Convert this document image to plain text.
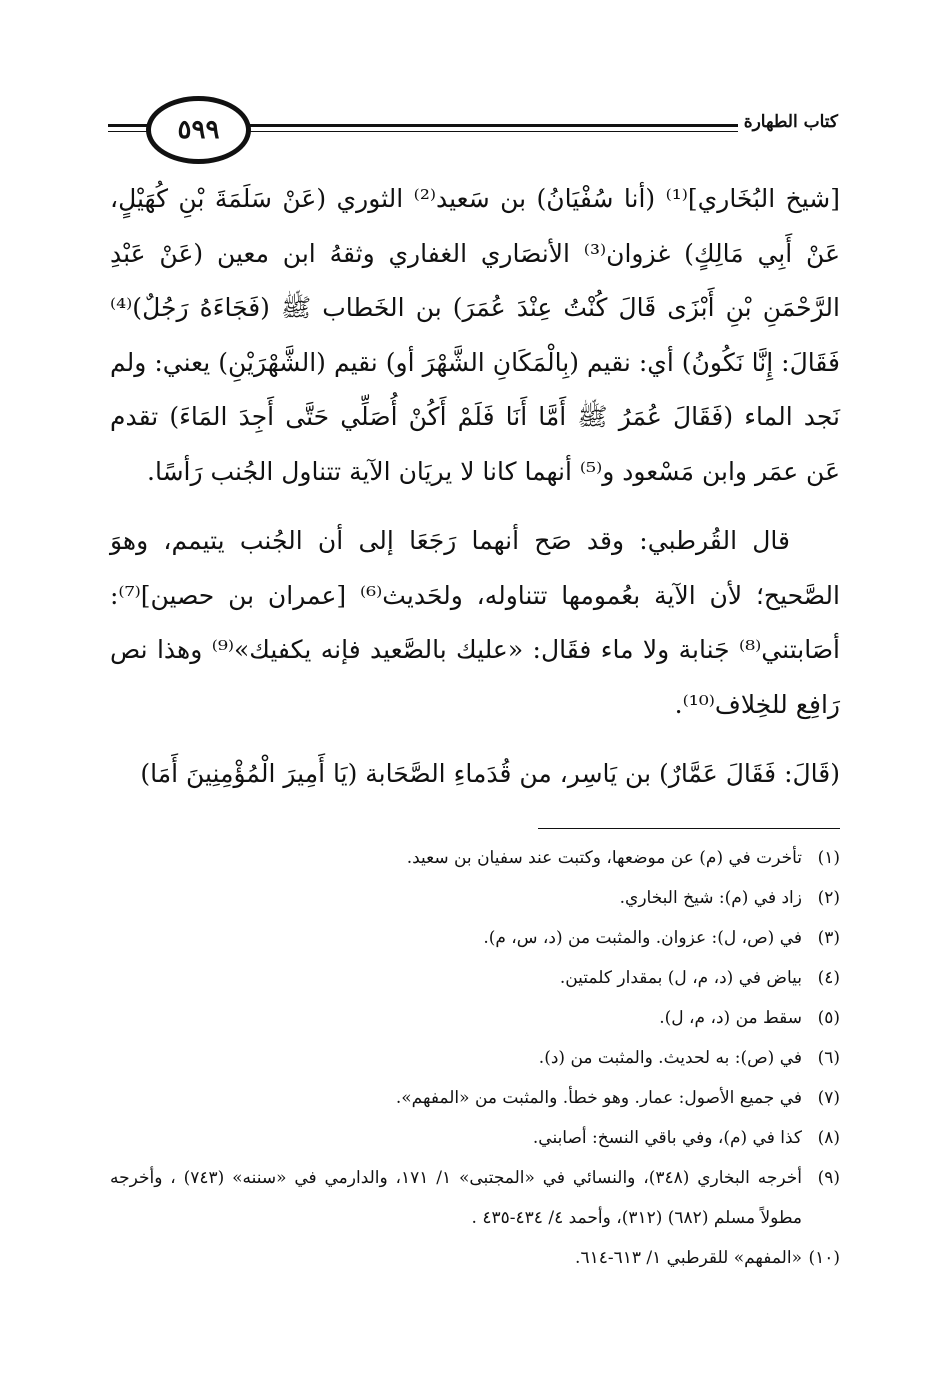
٥٩٩	كتاب الطهارة

[شيخ البُخَاري]⁽¹⁾ (أنا سُفْيَانُ) بن سَعيد⁽²⁾ الثوري (عَنْ سَلَمَةَ بْنِ كُهَيْلٍ، عَنْ أَبِي مَالِكٍ) غزوان⁽³⁾ الأنصَاري الغفاري وثقهُ ابن معين (عَنْ عَبْدِ الرَّحْمَنِ بْنِ أَبْزَى قَالَ كُنْتُ عِنْدَ عُمَرَ) بن الخَطاب ﷺ (فَجَاءَهُ رَجُلٌ)⁽⁴⁾ فَقَالَ: إِنَّا نَكُونُ) أي: نقيم (بِالْمَكَانِ الشَّهْرَ أو) نقيم (الشَّهْرَيْنِ) يعني: ولم نَجد الماء (فَقَالَ عُمَرُ ﷺ أَمَّا أَنَا فَلَمْ أَكُنْ أُصَلِّي حَتَّى أَجِدَ المَاءَ) تقدم عَن عمَر وابن مَسْعود و⁽⁵⁾ أنهما كانا لا يريَان الآية تتناول الجُنب رَأسًا.

قال القُرطبي: وقد صَح أنهما رَجَعَا إلى أن الجُنب يتيمم، وهوَ الصَّحيح؛ لأن الآية بعُمومها تتناوله، ولحَديث⁽⁶⁾ [عمران بن حصين]⁽⁷⁾: أصَابتني⁽⁸⁾ جَنابة ولا ماء فقَال: «عليك بالصَّعيد فإنه يكفيك»⁽⁹⁾ وهذا نص رَافِع للخِلاف⁽¹⁰⁾.

(قَالَ: فَقَالَ عَمَّارٌ) بن يَاسِر، من قُدَماءِ الصَّحَابة (يَا أَمِيرَ الْمُؤْمِنِينَ أَمَا)

(١)
تأخرت في (م) عن موضعها، وكتبت عند سفيان بن سعيد.
(٢)
زاد في (م): شيخ البخاري.
(٣)
في (ص، ل): عزوان. والمثبت من (د، س، م).
(٤)
بياض في (د، م، ل) بمقدار كلمتين.
(٥)
سقط من (د، م، ل).
(٦)
في (ص): به لحديث. والمثبت من (د).
(٧)
في جميع الأصول: عمار. وهو خطأ. والمثبت من «المفهم».
(٨)
كذا في (م)، وفي باقي النسخ: أصابني.
(٩)
أخرجه البخاري (٣٤٨)، والنسائي في «المجتبى» ١/ ١٧١، والدارمي في «سننه» (٧٤٣) ، وأخرجه مطولاً مسلم (٦٨٢) (٣١٢)، وأحمد ٤/ ٤٣٤-٤٣٥ .
(١٠)
«المفهم» للقرطبي ١/ ٦١٣-٦١٤.
